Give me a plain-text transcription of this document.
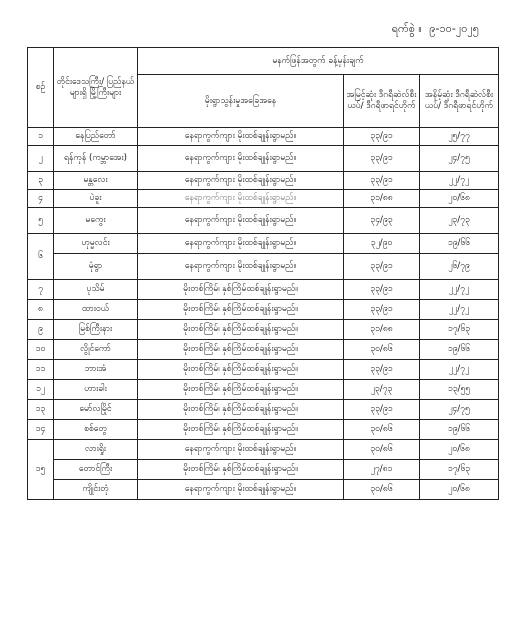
ရက်စွဲ ။ ၉-၁၀-၂၀၂၅
စဉ်	တိုင်းဒေသကြီး/ ပြည်နယ်များရှိ မြို့ကြီးများ	မနက်ဖြန်အတွက် ခန့်မှန်းချက်		
		မိုးရွာသွန်းမှုအခြေအနေ	အမြင့်ဆုံး ဒီဂရီဆဲလ်စီးယပ်/ ဒီဂရီဖာရင်ဟိုက်	အနိမ့်ဆုံး ဒီဂရီဆဲလ်စီးယပ်/ ဒီဂရီဖာရင်ဟိုက်
၁	နေပြည်တော်	နေရာကွက်ကျား မိုးထစ်ချုန်းရွာမည်။	၃၃/၉၁	၂၅/၇၇
၂	ရန်ကုန် (ကမ္ဘာအေး)	နေရာကွက်ကျား မိုးထစ်ချုန်းရွာမည်။	၃၃/၉၁	၂၄/၇၅
၃	မန္တလေး	နေရာကွက်ကျား မိုးထစ်ချုန်းရွာမည်။	၃၃/၉၁	၂၂/၇၂
၄	ပဲခူး	နေရာကွက်ကျား မိုးထစ်ချုန်းရွာမည်။	၃၁/၈၈	၂၀/၆၈
၅	မကွေး	နေရာကွက်ကျား မိုးထစ်ချုန်းရွာမည်။	၃၄/၉၃	၂၃/၇၃
၆	ဟုမ္မလင်း	နေရာကွက်ကျား မိုးထစ်ချုန်းရွာမည်။	၃၂/၉၀	၁၉/၆၆
	မုံရွာ	နေရာကွက်ကျား မိုးထစ်ချုန်းရွာမည်။	၃၃/၉၁	၂၆/၇၉
၇	ပုသိမ်	မိုးတစ်ကြိမ်၊ နှစ်ကြိမ်ထစ်ချုန်းရွာမည်။	၃၃/၉၁	၂၂/၇၂
၈	ထားဝယ်	မိုးတစ်ကြိမ်၊ နှစ်ကြိမ်ထစ်ချုန်းရွာမည်။	၃၃/၉၁	၂၂/၇၂
၉	မြစ်ကြီးနား	မိုးတစ်ကြိမ်၊ နှစ်ကြိမ်ထစ်ချုန်းရွာမည်။	၃၁/၈၈	၁၇/၆၃
၁၀	လွိုင်ကော်	မိုးတစ်ကြိမ်၊ နှစ်ကြိမ်ထစ်ချုန်းရွာမည်။	၃၀/၈၆	၁၉/၆၆
၁၁	ဘားအံ	မိုးတစ်ကြိမ်၊ နှစ်ကြိမ်ထစ်ချုန်းရွာမည်။	၃၃/၉၁	၂၂/၇၂
၁၂	ဟားခါး	မိုးတစ်ကြိမ်၊ နှစ်ကြိမ်ထစ်ချုန်းရွာမည်။	၂၃/၇၃	၁၃/၅၅
၁၃	မော်လမြိုင်	မိုးတစ်ကြိမ်၊ နှစ်ကြိမ်ထစ်ချုန်းရွာမည်။	၃၃/၉၁	၂၄/၇၅
၁၄	စစ်တွေ	မိုးတစ်ကြိမ်၊ နှစ်ကြိမ်ထစ်ချုန်းရွာမည်။	၃၀/၈၆	၁၉/၆၆
၁၅	လားရှိုး	နေရာကွက်ကျား မိုးထစ်ချုန်းရွာမည်။	၃၀/၈၆	၂၀/၆၈
	တောင်ကြီး	မိုးတစ်ကြိမ်၊ နှစ်ကြိမ်ထစ်ချုန်းရွာမည်။	၂၇/၈၁	၁၇/၆၃
	ကျိုင်းတုံ	နေရာကွက်ကျား မိုးထစ်ချုန်းရွာမည်။	၃၀/၈၆	၂၀/၆၈
